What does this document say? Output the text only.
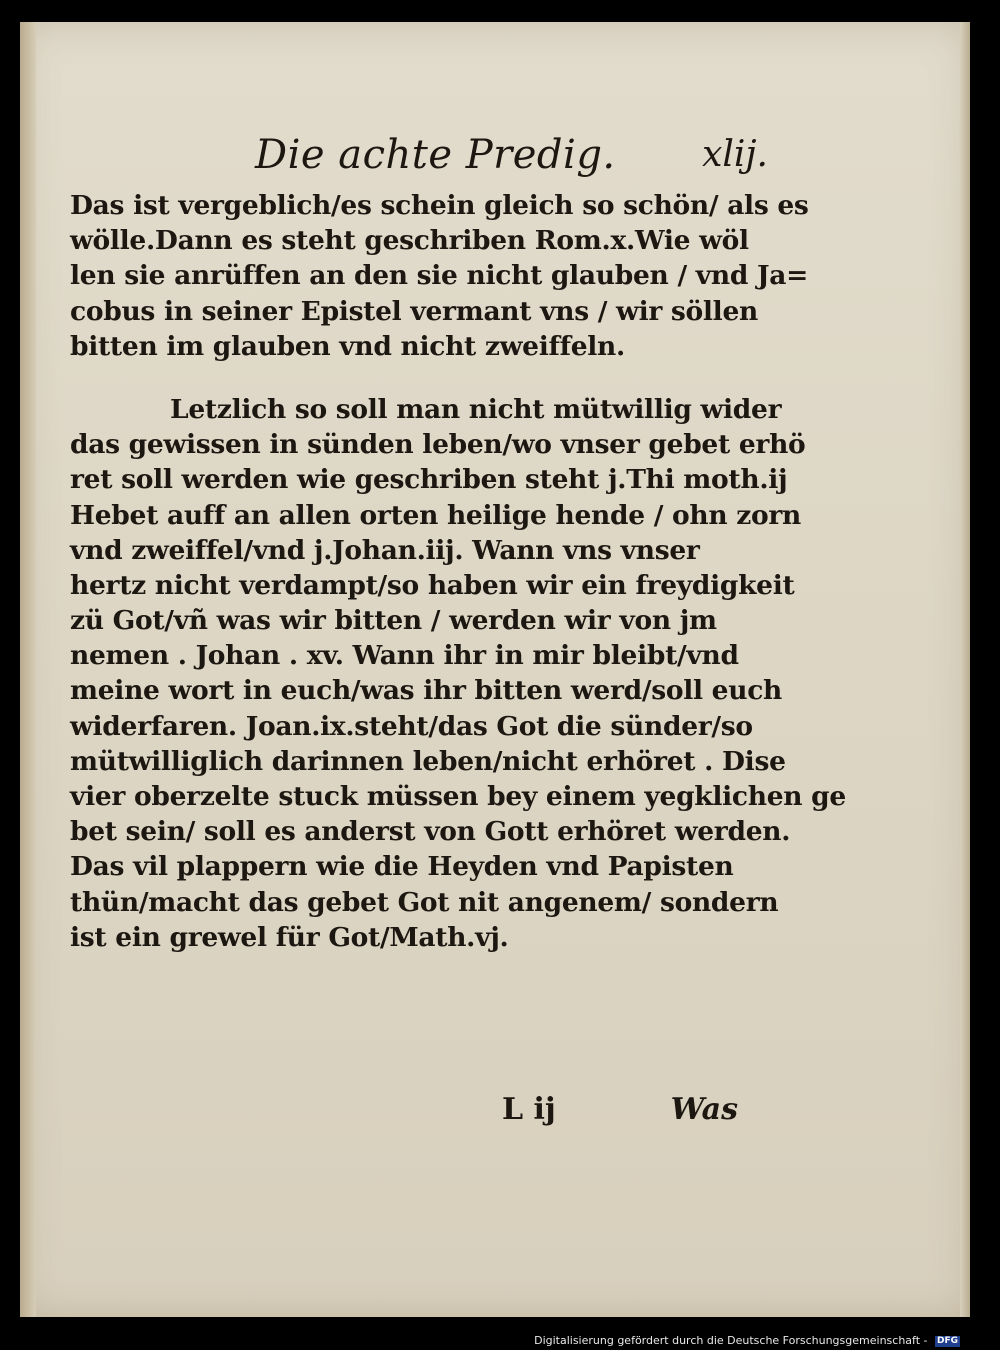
Die achte Predig. xlij.
Das ist vergeblich/es schein gleich so schön/ als es
wölle.Dann es steht geschriben Rom.x.Wie wöl
len sie anrüffen an den sie nicht glauben / vnd Ja=
cobus in seiner Epistel vermant vns / wir söllen
bitten im glauben vnd nicht zweiffeln.
Letzlich so soll man nicht mütwillig wider
das gewissen in sünden leben/wo vnser gebet erhö
ret soll werden wie geschriben steht j.Thi moth.ij
Hebet auff an allen orten heilige hende / ohn zorn
vnd zweiffel/vnd j.Johan.iij. Wann vns vnser
hertz nicht verdampt/so haben wir ein freydigkeit
zü Got/vñ was wir bitten / werden wir von jm
nemen . Johan . xv. Wann ihr in mir bleibt/vnd
meine wort in euch/was ihr bitten werd/soll euch
widerfaren. Joan.ix.steht/das Got die sünder/so
mütwilliglich darinnen leben/nicht erhöret . Dise
vier oberzelte stuck müssen bey einem yegklichen ge
bet sein/ soll es anderst von Gott erhöret werden.
Das vil plappern wie die Heyden vnd Papisten
thün/macht das gebet Got nit angenem/ sondern
ist ein grewel für Got/Math.vj.
L ij	Was
Digitalisierung gefördert durch die Deutsche Forschungsgemeinschaft - DFG
